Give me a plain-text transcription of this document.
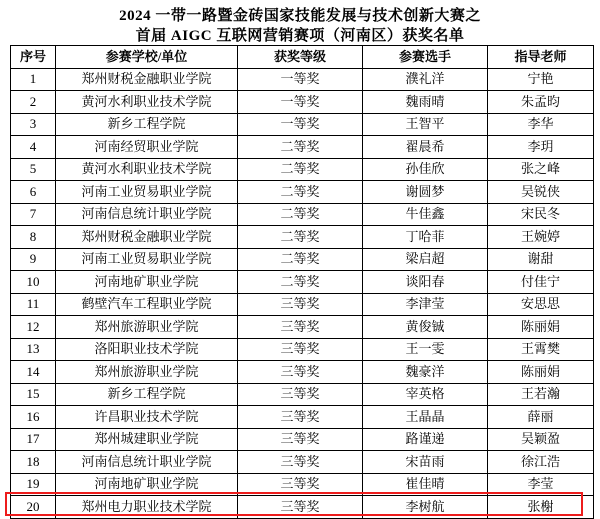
2024 一带一路暨金砖国家技能发展与技术创新大赛之
首届 AIGC 互联网营销赛项（河南区）获奖名单
序号	参赛学校/单位	获奖等级	参赛选手	指导老师
1	郑州财税金融职业学院	一等奖	濮礼洋	宁艳
2	黄河水利职业技术学院	一等奖	魏雨晴	朱孟昀
3	新乡工程学院	一等奖	王智平	李华
4	河南经贸职业学院	二等奖	翟晨希	李玥
5	黄河水利职业技术学院	二等奖	孙佳欣	张之峰
6	河南工业贸易职业学院	二等奖	谢圆梦	吴锐侠
7	河南信息统计职业学院	二等奖	牛佳鑫	宋民冬
8	郑州财税金融职业学院	二等奖	丁哈菲	王婉婷
9	河南工业贸易职业学院	二等奖	梁启超	谢甜
10	河南地矿职业学院	二等奖	谈阳春	付佳宁
11	鹤壁汽车工程职业学院	三等奖	李津莹	安思思
12	郑州旅游职业学院	三等奖	黄俊铖	陈丽娟
13	洛阳职业技术学院	三等奖	王一雯	王霄樊
14	郑州旅游职业学院	三等奖	魏豪洋	陈丽娟
15	新乡工程学院	三等奖	宰英格	王若瀚
16	许昌职业技术学院	三等奖	王晶晶	薛丽
17	郑州城建职业学院	三等奖	路谨递	吴颖盈
18	河南信息统计职业学院	三等奖	宋苗雨	徐江浩
19	河南地矿职业学院	三等奖	崔佳晴	李莹
20	郑州电力职业技术学院	三等奖	李树航	张榭
